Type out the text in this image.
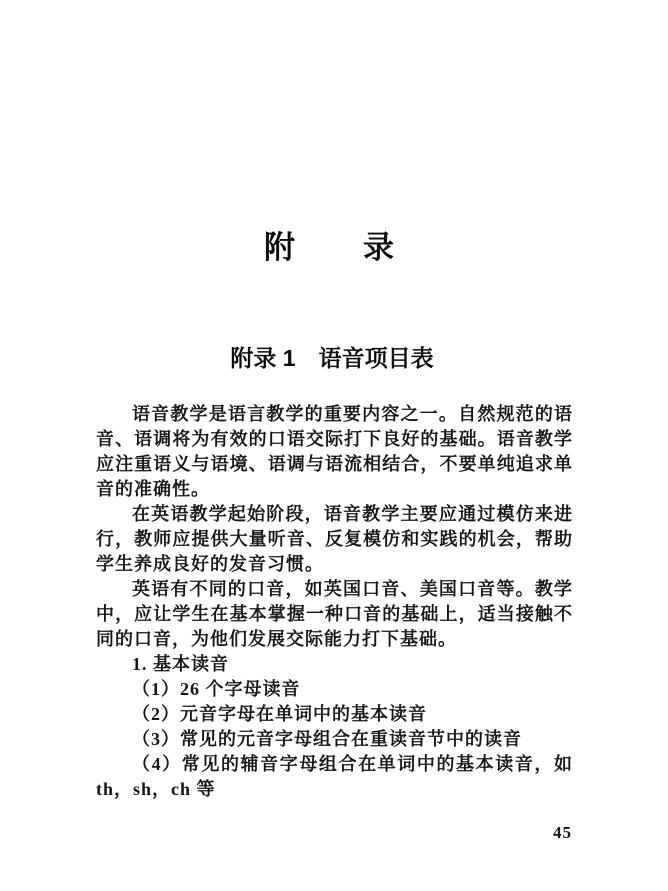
附　　录
附录 1　语音项目表

语音教学是语言教学的重要内容之一。自然规范的语音、语调将为有效的口语交际打下良好的基础。语音教学应注重语义与语境、语调与语流相结合，不要单纯追求单音的准确性。

在英语教学起始阶段，语音教学主要应通过模仿来进行，教师应提供大量听音、反复模仿和实践的机会，帮助学生养成良好的发音习惯。

英语有不同的口音，如英国口音、美国口音等。教学中，应让学生在基本掌握一种口音的基础上，适当接触不同的口音，为他们发展交际能力打下基础。

1. 基本读音

（1）26 个字母读音

（2）元音字母在单词中的基本读音

（3）常见的元音字母组合在重读音节中的读音

（4）常见的辅音字母组合在单词中的基本读音，如 th，sh，ch 等

45
